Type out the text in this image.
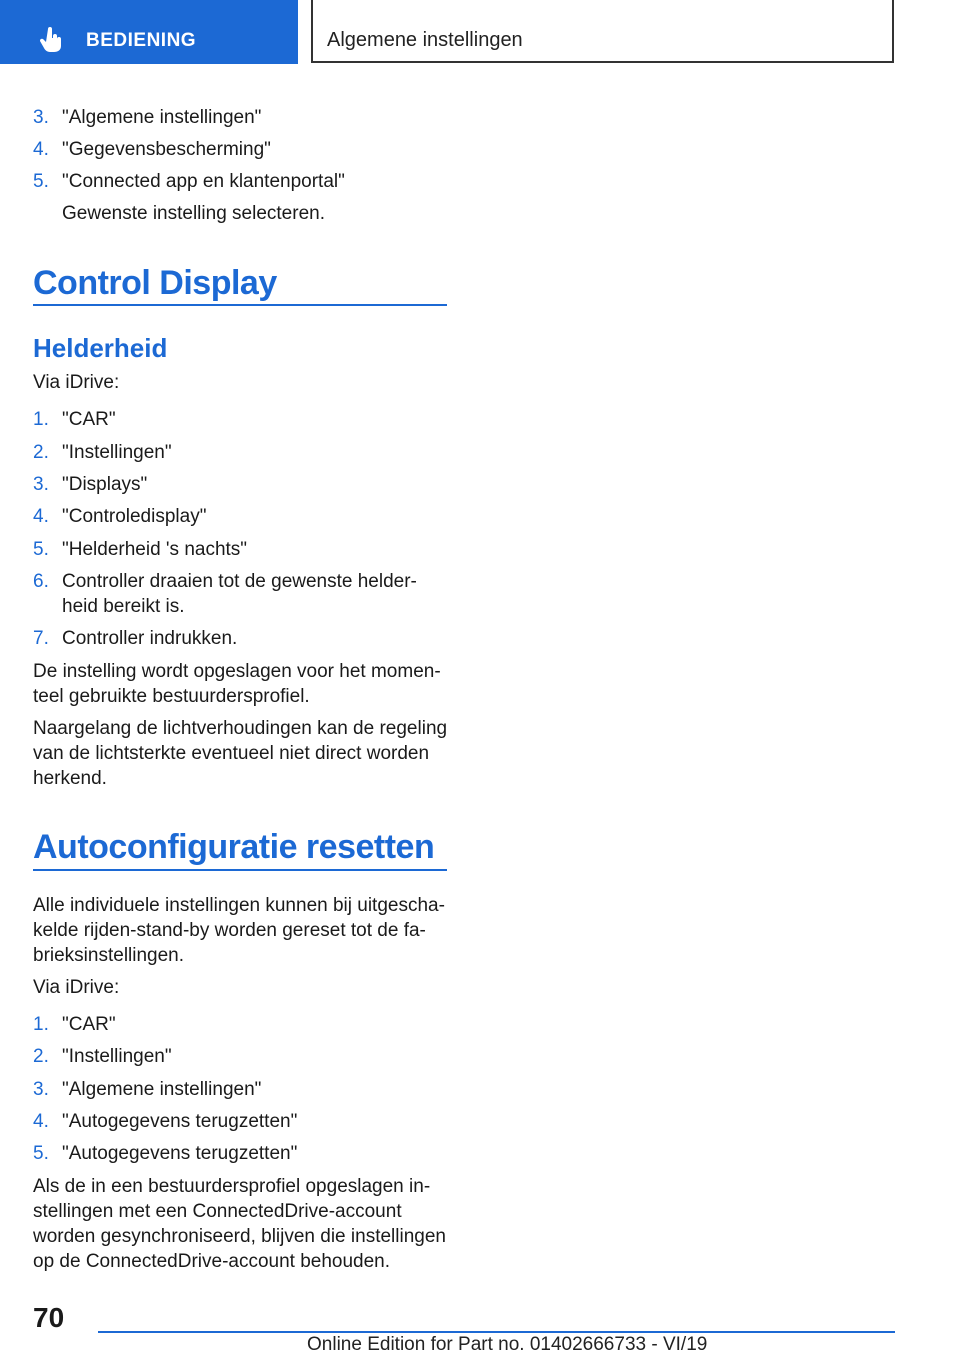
BEDIENING	Algemene instellingen
3. "Algemene instellingen"
4. "Gegevensbescherming"
5. "Connected app en klantenportal"
Gewenste instelling selecteren.
Control Display
Helderheid
Via iDrive:
1. "CAR"
2. "Instellingen"
3. "Displays"
4. "Controledisplay"
5. "Helderheid 's nachts"
6. Controller draaien tot de gewenste helder-
heid bereikt is.
7. Controller indrukken.
De instelling wordt opgeslagen voor het momen-
teel gebruikte bestuurdersprofiel.
Naargelang de lichtverhoudingen kan de regeling
van de lichtsterkte eventueel niet direct worden
herkend.
Autoconfiguratie resetten
Alle individuele instellingen kunnen bij uitgescha-
kelde rijden-stand-by worden gereset tot de fa-
brieksinstellingen.
Via iDrive:
1. "CAR"
2. "Instellingen"
3. "Algemene instellingen"
4. "Autogegevens terugzetten"
5. "Autogegevens terugzetten"
Als de in een bestuurdersprofiel opgeslagen in-
stellingen met een ConnectedDrive-account
worden gesynchroniseerd, blijven die instellingen
op de ConnectedDrive-account behouden.
70
Online Edition for Part no. 01402666733 - VI/19
